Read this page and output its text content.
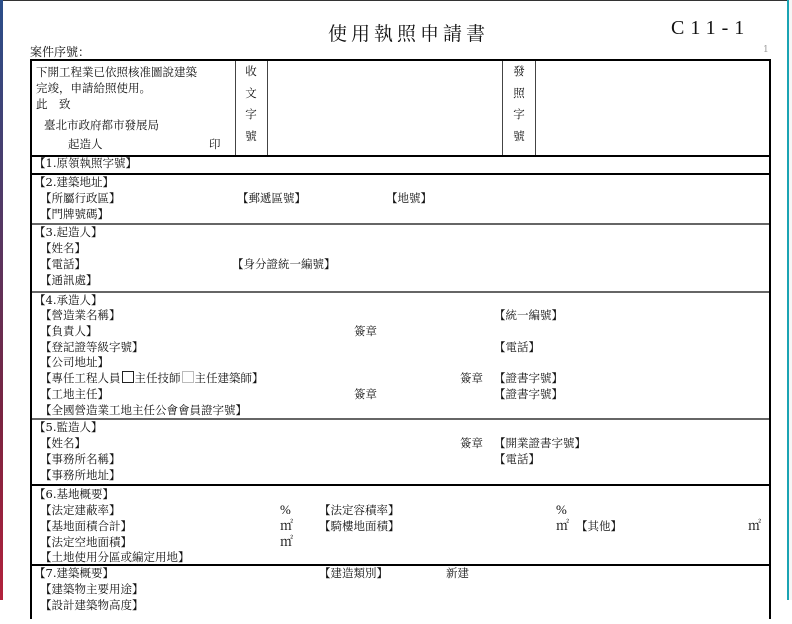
使用執照申請書	C11-1
案件序號：	1
下開工程業已依照核准圖說建築
完竣，申請給照使用。
此　致
臺北市政府都市發展局
起造人	印
收
文
字
號
發
照
字
號
【1.原領執照字號】
【2.建築地址】
【所屬行政區】	【郵遞區號】	【地號】
【門牌號碼】
【3.起造人】
【姓名】
【電話】	【身分證統一編號】
【通訊處】
【4.承造人】
【營造業名稱】	【統一編號】
【負責人】	簽章
【登記證等級字號】	【電話】
【公司地址】
【專任工程人員 主任技師 主任建築師】	簽章 【證書字號】
【工地主任】	簽章	【證書字號】
【全國營造業工地主任公會會員證字號】
【5.監造人】
【姓名】	簽章 【開業證書字號】
【事務所名稱】	【電話】
【事務所地址】
【6.基地概要】
【法定建蔽率】	% 【法定容積率】	%
【基地面積合計】	㎡ 【騎樓地面積】	㎡ 【其他】	㎡
【法定空地面積】	㎡
【土地使用分區或編定用地】
【7.建築概要】	【建造類別】	新建
【建築物主要用途】
【設計建築物高度】
